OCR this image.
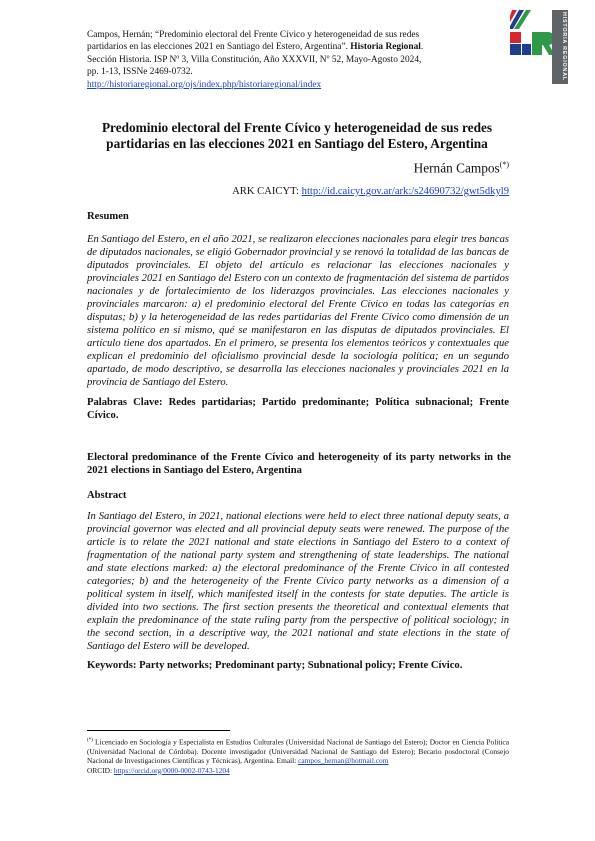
Campos, Hernán; “Predominio electoral del Frente Cívico y heterogeneidad de sus redes partidarios en las elecciones 2021 en Santiago del Estero, Argentina”. Historia Regional. Sección Historia. ISP Nº 3, Villa Constitución, Año XXXVII, Nº 52, Mayo-Agosto 2024, pp. 1-13, ISSNe 2469-0732.
http://historiaregional.org/ojs/index.php/historiaregional/index
HISTORIA REGIONAL
Predominio electoral del Frente Cívico y heterogeneidad de sus redes partidarias en las elecciones 2021 en Santiago del Estero, Argentina
Hernán Campos(*)
ARK CAICYT: http://id.caicyt.gov.ar/ark:/s24690732/gwt5dkyl9
Resumen
En Santiago del Estero, en el año 2021, se realizaron elecciones nacionales para elegir tres bancas de diputados nacionales, se eligió Gobernador provincial y se renovó la totalidad de las bancas de diputados provinciales. El objeto del artículo es relacionar las elecciones nacionales y provinciales 2021 en Santiago del Estero con un contexto de fragmentación del sistema de partidos nacionales y de fortalecimiento de los liderazgos provinciales. Las elecciones nacionales y provinciales marcaron: a) el predominio electoral del Frente Cívico en todas las categorías en disputas; b) y la heterogeneidad de las redes partidarias del Frente Cívico como dimensión de un sistema político en sí mismo, qué se manifestaron en las disputas de diputados provinciales. El artículo tiene dos apartados. En el primero, se presenta los elementos teóricos y contextuales que explican el predominio del oficialismo provincial desde la sociología política; en un segundo apartado, de modo descriptivo, se desarrolla las elecciones nacionales y provinciales 2021 en la provincia de Santiago del Estero.
Palabras Clave: Redes partidarias; Partido predominante; Política subnacional; Frente Cívico.
Electoral predominance of the Frente Cívico and heterogeneity of its party networks in the 2021 elections in Santiago del Estero, Argentina
Abstract
In Santiago del Estero, in 2021, national elections were held to elect three national deputy seats, a provincial governor was elected and all provincial deputy seats were renewed. The purpose of the article is to relate the 2021 national and state elections in Santiago del Estero to a context of fragmentation of the national party system and strengthening of state leaderships. The national and state elections marked: a) the electoral predominance of the Frente Cívico in all contested categories; b) and the heterogeneity of the Frente Cívico party networks as a dimension of a political system in itself, which manifested itself in the contests for state deputies. The article is divided into two sections. The first section presents the theoretical and contextual elements that explain the predominance of the state ruling party from the perspective of political sociology; in the second section, in a descriptive way, the 2021 national and state elections in the state of Santiago del Estero will be developed.
Keywords: Party networks; Predominant party; Subnational policy; Frente Cívico.
(*) Licenciado en Sociología y Especialista en Estudios Culturales (Universidad Nacional de Santiago del Estero); Doctor en Ciencia Política (Universidad Nacional de Córdoba). Docente investigador (Universidad Nacional de Santiago del Estero); Becario posdoctoral (Consejo Nacional de Investigaciones Científicas y Técnicas), Argentina. Email: campos_hernan@hotmail.com
ORCID: https://orcid.org/0000-0002-0743-1204
